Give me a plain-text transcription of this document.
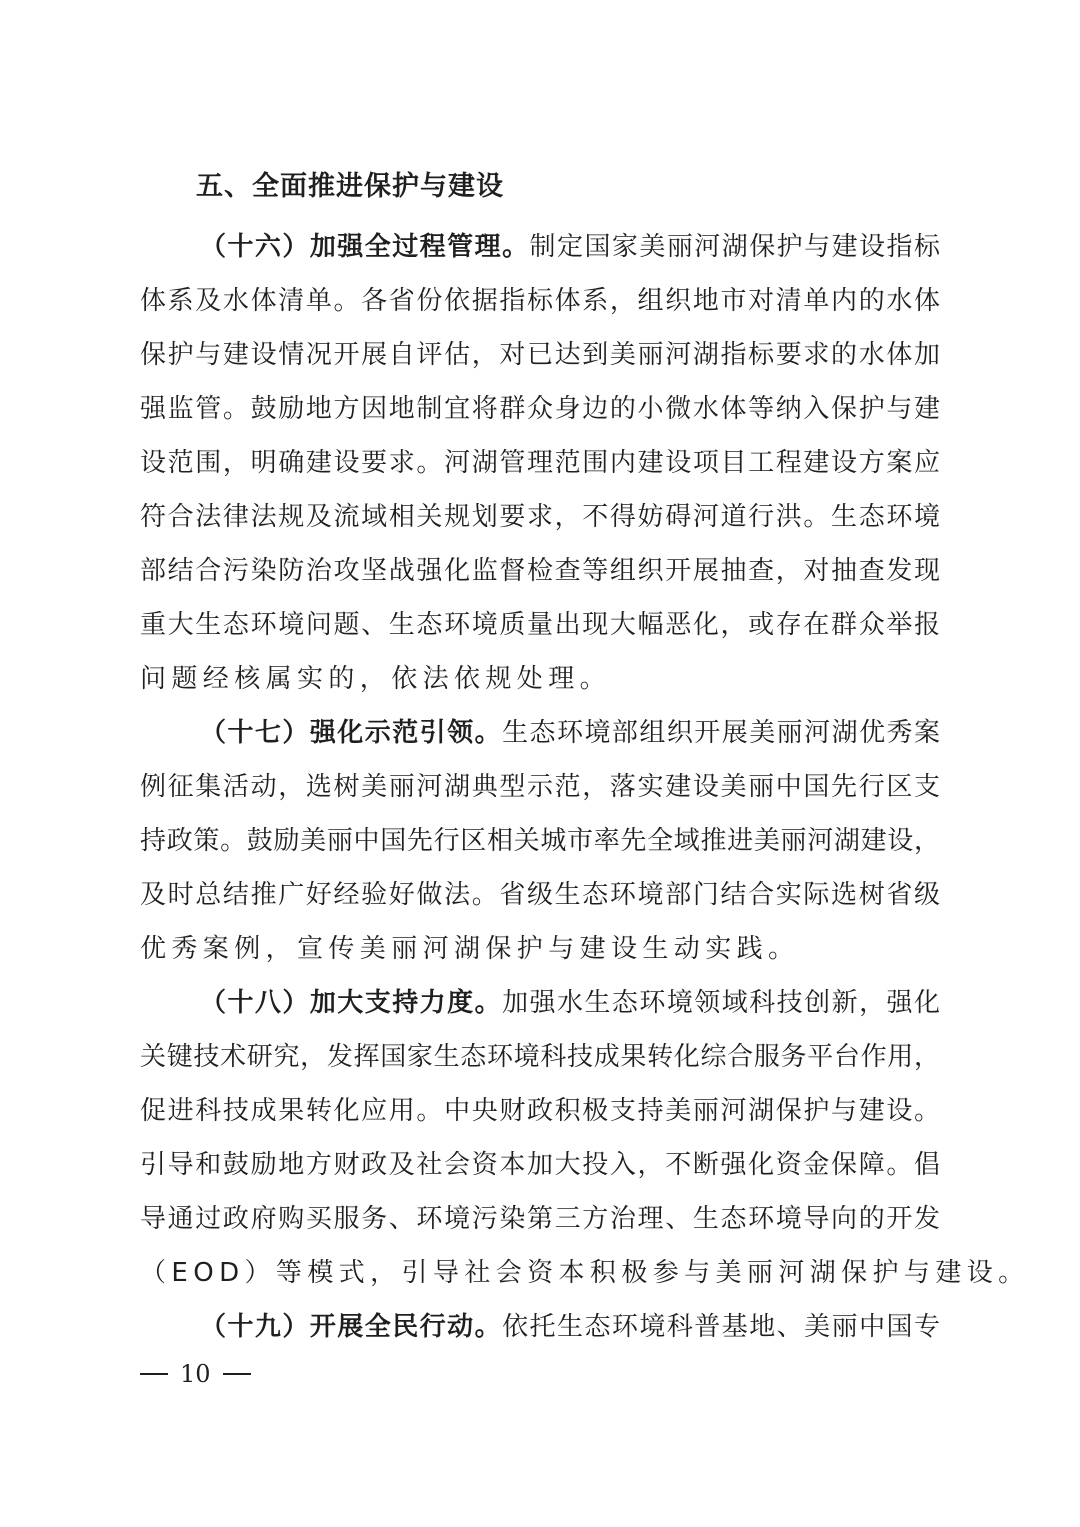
五、全面推进保护与建设
（十六）加强全过程管理。制定国家美丽河湖保护与建设指标
体系及水体清单。各省份依据指标体系，组织地市对清单内的水体
保护与建设情况开展自评估，对已达到美丽河湖指标要求的水体加
强监管。鼓励地方因地制宜将群众身边的小微水体等纳入保护与建
设范围，明确建设要求。河湖管理范围内建设项目工程建设方案应
符合法律法规及流域相关规划要求，不得妨碍河道行洪。生态环境
部结合污染防治攻坚战强化监督检查等组织开展抽查，对抽查发现
重大生态环境问题、生态环境质量出现大幅恶化，或存在群众举报
问题经核属实的，依法依规处理。
（十七）强化示范引领。生态环境部组织开展美丽河湖优秀案
例征集活动，选树美丽河湖典型示范，落实建设美丽中国先行区支
持政策。鼓励美丽中国先行区相关城市率先全域推进美丽河湖建设，
及时总结推广好经验好做法。省级生态环境部门结合实际选树省级
优秀案例，宣传美丽河湖保护与建设生动实践。
（十八）加大支持力度。加强水生态环境领域科技创新，强化
关键技术研究，发挥国家生态环境科技成果转化综合服务平台作用，
促进科技成果转化应用。中央财政积极支持美丽河湖保护与建设。
引导和鼓励地方财政及社会资本加大投入，不断强化资金保障。倡
导通过政府购买服务、环境污染第三方治理、生态环境导向的开发
（EOD）等模式，引导社会资本积极参与美丽河湖保护与建设。
（十九）开展全民行动。依托生态环境科普基地、美丽中国专
10
